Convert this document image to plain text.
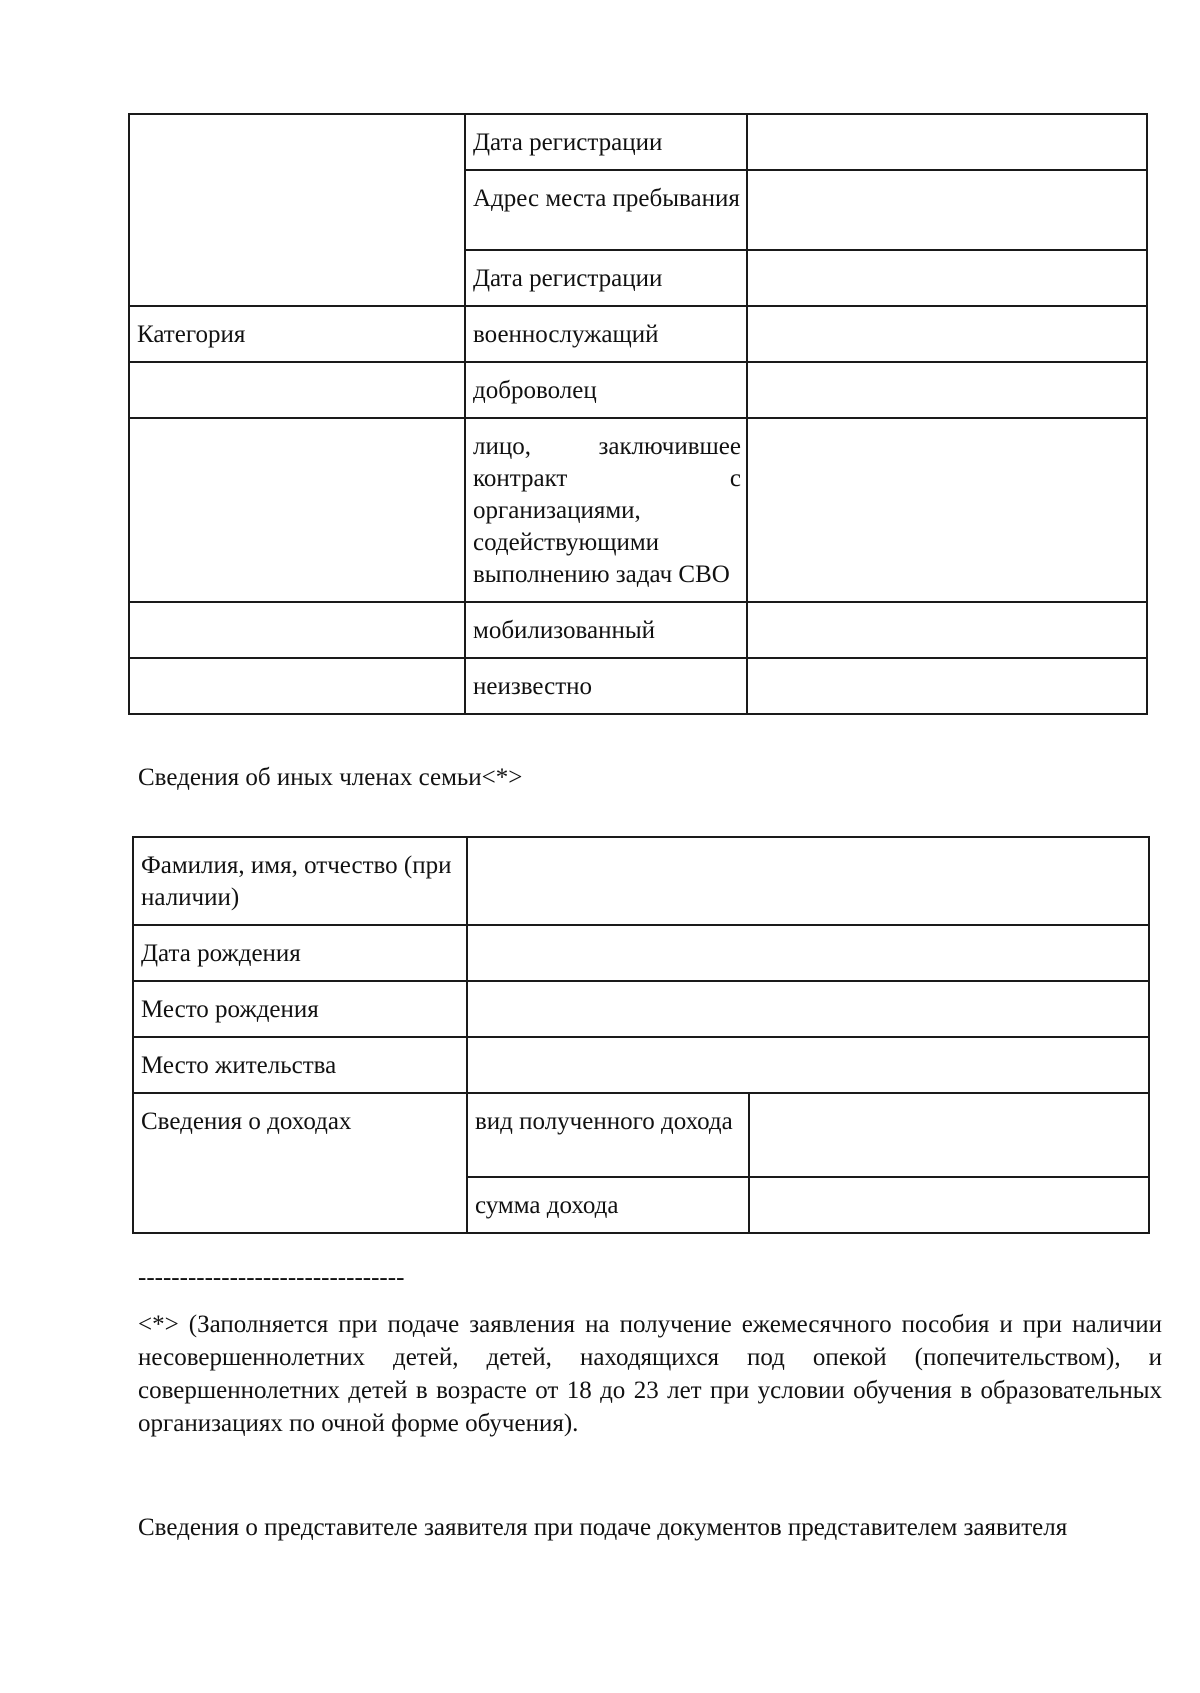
	Дата регистрации	

	Адрес места пребывания	

	Дата регистрации	
Категория	военнослужащий	
	доброволец	

	лицо, заключившее контракт с организациями, содействующими выполнению задач СВО	

	мобилизованный	
	неизвестно	
Сведения об иных членах семьи<*>
Фамилия, имя, отчество (при наличии)		
Дата рождения		
Место рождения		
Место жительства		
Сведения о доходах	вид полученного дохода	
	сумма дохода	
--------------------------------
<*> (Заполняется при подаче заявления на получение ежемесячного пособия и при наличии несовершеннолетних детей, детей, находящихся под опекой (попечительством), и совершеннолетних детей в возрасте от 18 до 23 лет при условии обучения в образовательных организациях по очной форме обучения).
Сведения о представителе заявителя при подаче документов представителем заявителя
